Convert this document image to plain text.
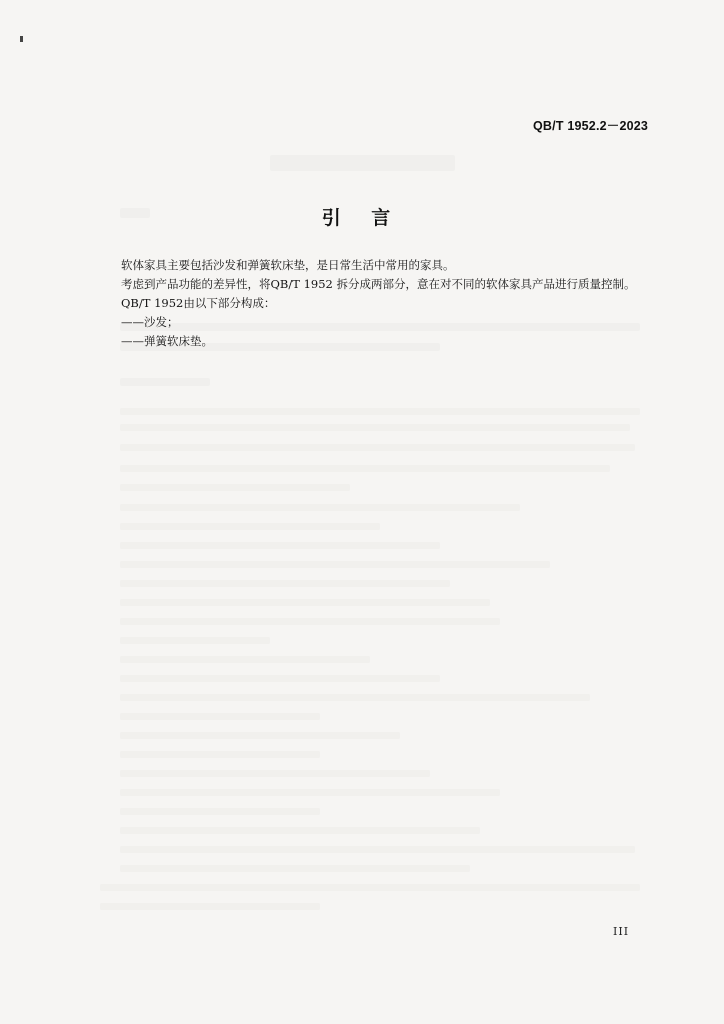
QB/T 1952.2－2023
引 言

软体家具主要包括沙发和弹簧软床垫，是日常生活中常用的家具。

考虑到产品功能的差异性，将QB/T 1952 拆分成两部分，意在对不同的软体家具产品进行质量控制。QB/T 1952由以下部分构成：

——沙发；

——弹簧软床垫。

III
